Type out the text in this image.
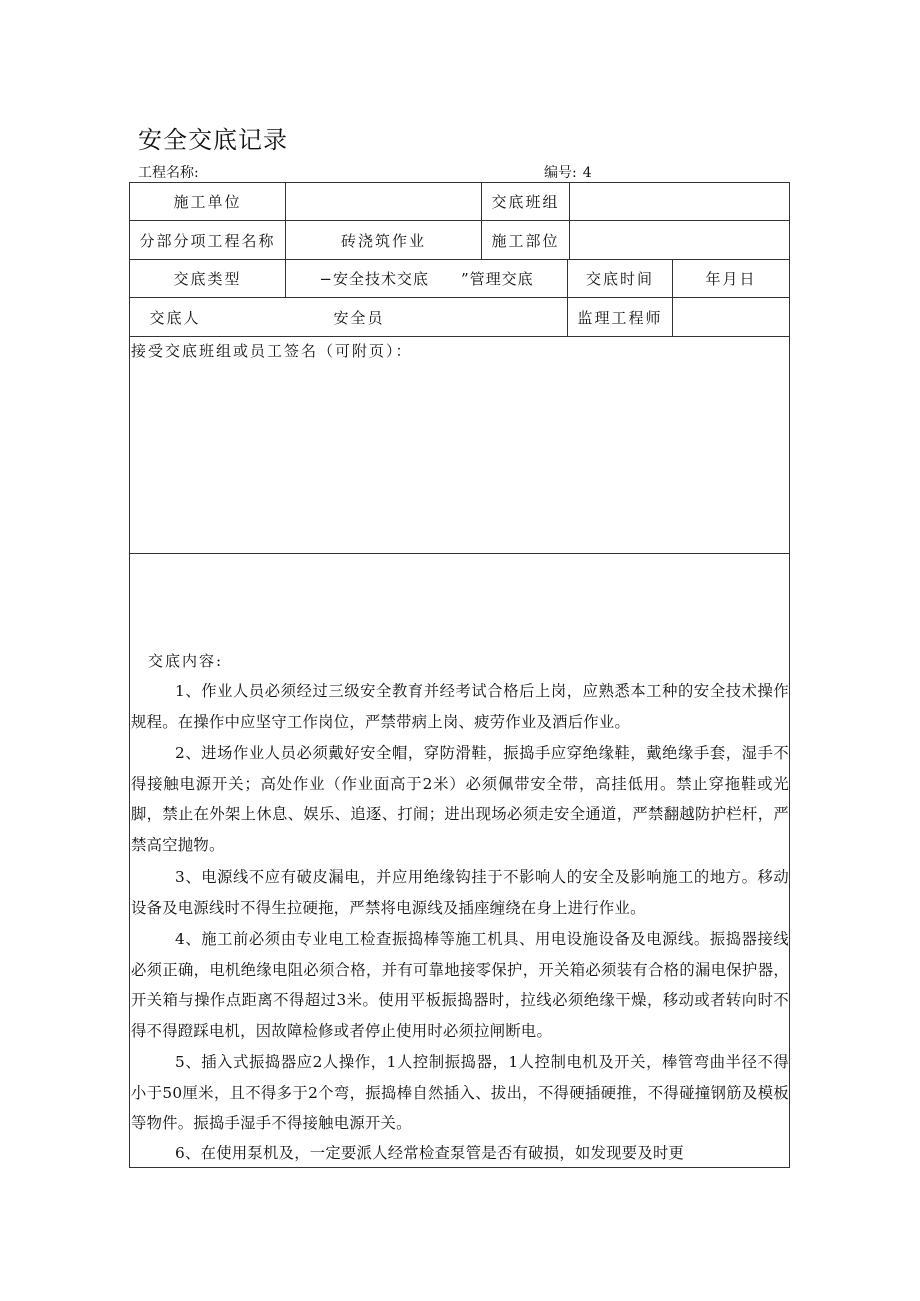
安全交底记录
工程名称:	编号: 4
施工单位	交底班组
分部分项工程名称	砖浇筑作业	施工部位
交底类型	−安全技术交底　　”管理交底	交底时间	年月日
交底人	安全员	监理工程师
接受交底班组或员工签名（可附页）：
交底内容:
1、作业人员必须经过三级安全教育并经考试合格后上岗，应熟悉本工种的安全技术操作规程。在操作中应坚守工作岗位，严禁带病上岗、疲劳作业及酒后作业。
2、进场作业人员必须戴好安全帽，穿防滑鞋，振捣手应穿绝缘鞋，戴绝缘手套，湿手不得接触电源开关；高处作业（作业面高于2米）必须佩带安全带，高挂低用。禁止穿拖鞋或光脚，禁止在外架上休息、娱乐、追逐、打闹；进出现场必须走安全通道，严禁翻越防护栏杆，严禁高空抛物。
3、电源线不应有破皮漏电，并应用绝缘钩挂于不影响人的安全及影响施工的地方。移动设备及电源线时不得生拉硬拖，严禁将电源线及插座缠绕在身上进行作业。
4、施工前必须由专业电工检查振捣棒等施工机具、用电设施设备及电源线。振捣器接线必须正确，电机绝缘电阻必须合格，并有可靠地接零保护，开关箱必须装有合格的漏电保护器，开关箱与操作点距离不得超过3米。使用平板振捣器时，拉线必须绝缘干燥，移动或者转向时不得不得蹬踩电机，因故障检修或者停止使用时必须拉闸断电。
5、插入式振捣器应2人操作，1人控制振捣器，1人控制电机及开关，棒管弯曲半径不得小于50厘米，且不得多于2个弯，振捣棒自然插入、拔出，不得硬插硬推，不得碰撞钢筋及模板等物件。振捣手湿手不得接触电源开关。
6、在使用泵机及，一定要派人经常检查泵管是否有破损，如发现要及时更
